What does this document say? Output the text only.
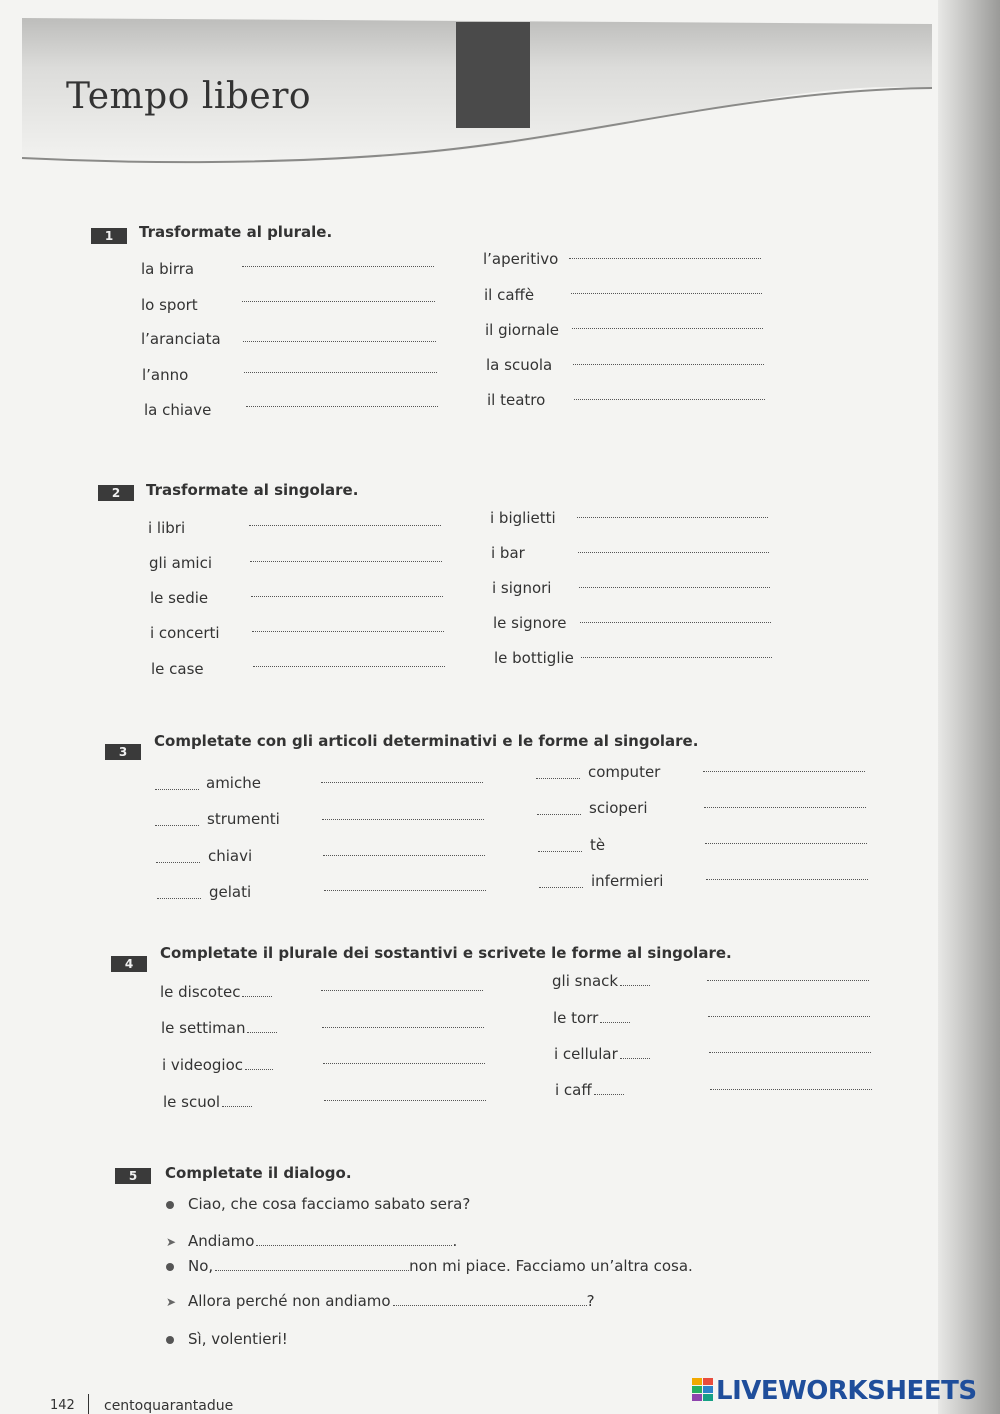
Tempo libero
1	Trasformate al plurale.
la birra
lo sport
l’aranciata
l’anno
la chiave
l’aperitivo
il caffè
il giornale
la scuola
il teatro
2	Trasformate al singolare.
i libri
gli amici
le sedie
i concerti
le case
i biglietti
i bar
i signori
le signore
le bottiglie
3
Completate con gli articoli determinativi e le forme al singolare.
amiche
strumenti
chiavi
gelati
computer
scioperi
tè
infermieri
4
Completate il plurale dei sostantivi e scrivete le forme al singolare.
le discotec
le settiman
i videogioc
le scuol
gli snack
le torr
i cellular
i caff
5	Completate il dialogo.
Ciao, che cosa facciamo sabato sera?
➤ Andiamo	.
No,	non mi piace. Facciamo un’altra cosa.
➤ Allora perché non andiamo	?
Sì, volentieri!
142 centoquarantadue	LIVEWORKSHEETS
